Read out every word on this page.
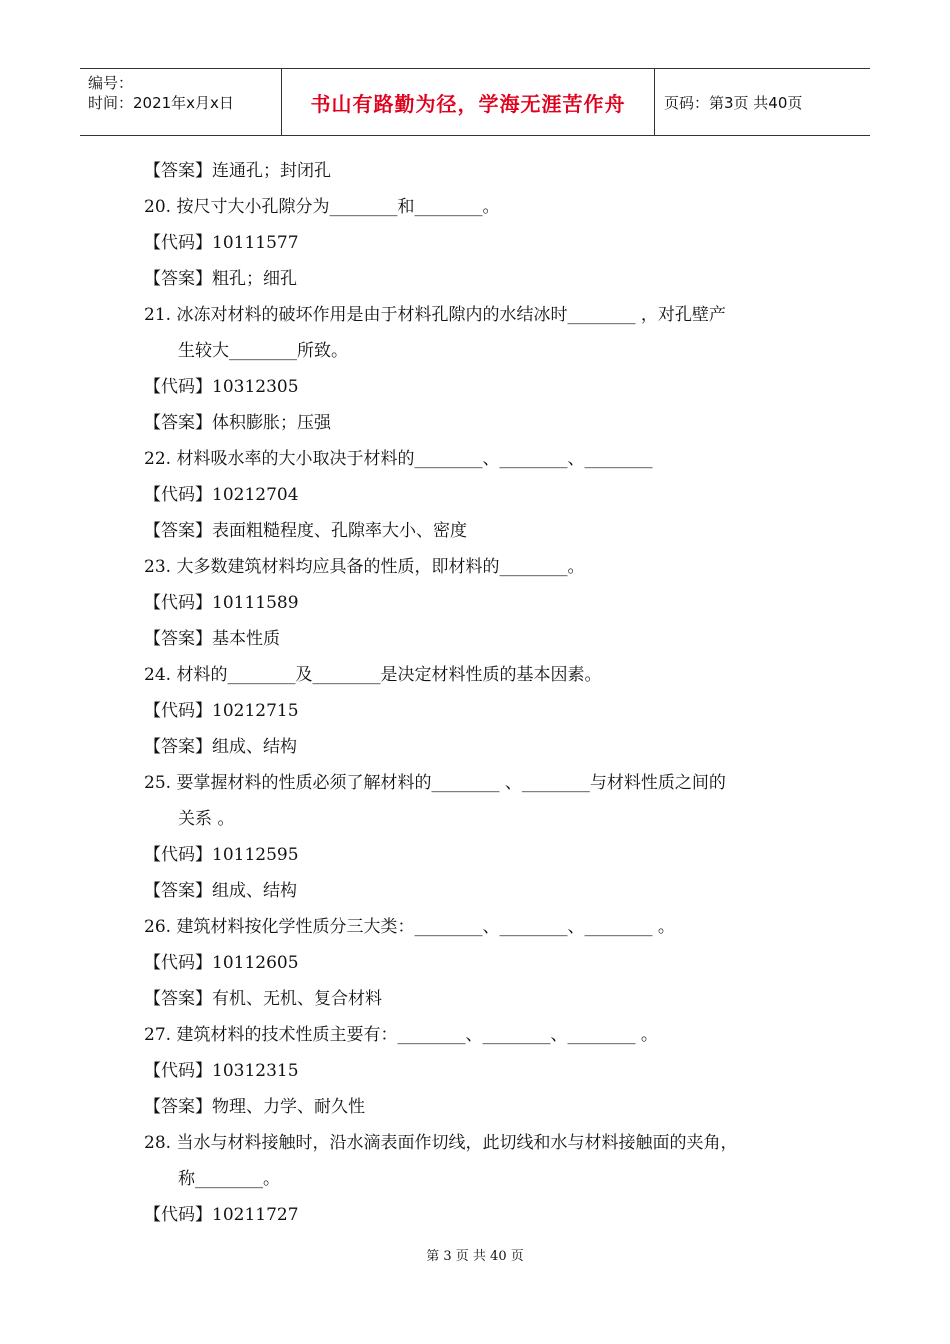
编号：
时间：2021年x月x日	书山有路勤为径，学海无涯苦作舟	页码：第3页 共40页
【答案】连通孔；封闭孔
20. 按尺寸大小孔隙分为________和________。
【代码】10111577
【答案】粗孔；细孔
21. 冰冻对材料的破坏作用是由于材料孔隙内的水结冰时________ ，对孔壁产
生较大________所致。
【代码】10312305
【答案】体积膨胀；压强
22. 材料吸水率的大小取决于材料的________、________、________
【代码】10212704
【答案】表面粗糙程度、孔隙率大小、密度
23. 大多数建筑材料均应具备的性质，即材料的________。
【代码】10111589
【答案】基本性质
24. 材料的________及________是决定材料性质的基本因素。
【代码】10212715
【答案】组成、结构
25. 要掌握材料的性质必须了解材料的________ 、________与材料性质之间的
关系 。
【代码】10112595
【答案】组成、结构
26. 建筑材料按化学性质分三大类：________、________、________ 。
【代码】10112605
【答案】有机、无机、复合材料
27. 建筑材料的技术性质主要有：________、________、________ 。
【代码】10312315
【答案】物理、力学、耐久性
28. 当水与材料接触时，沿水滴表面作切线，此切线和水与材料接触面的夹角，
称________。
【代码】10211727
第 3 页 共 40 页
